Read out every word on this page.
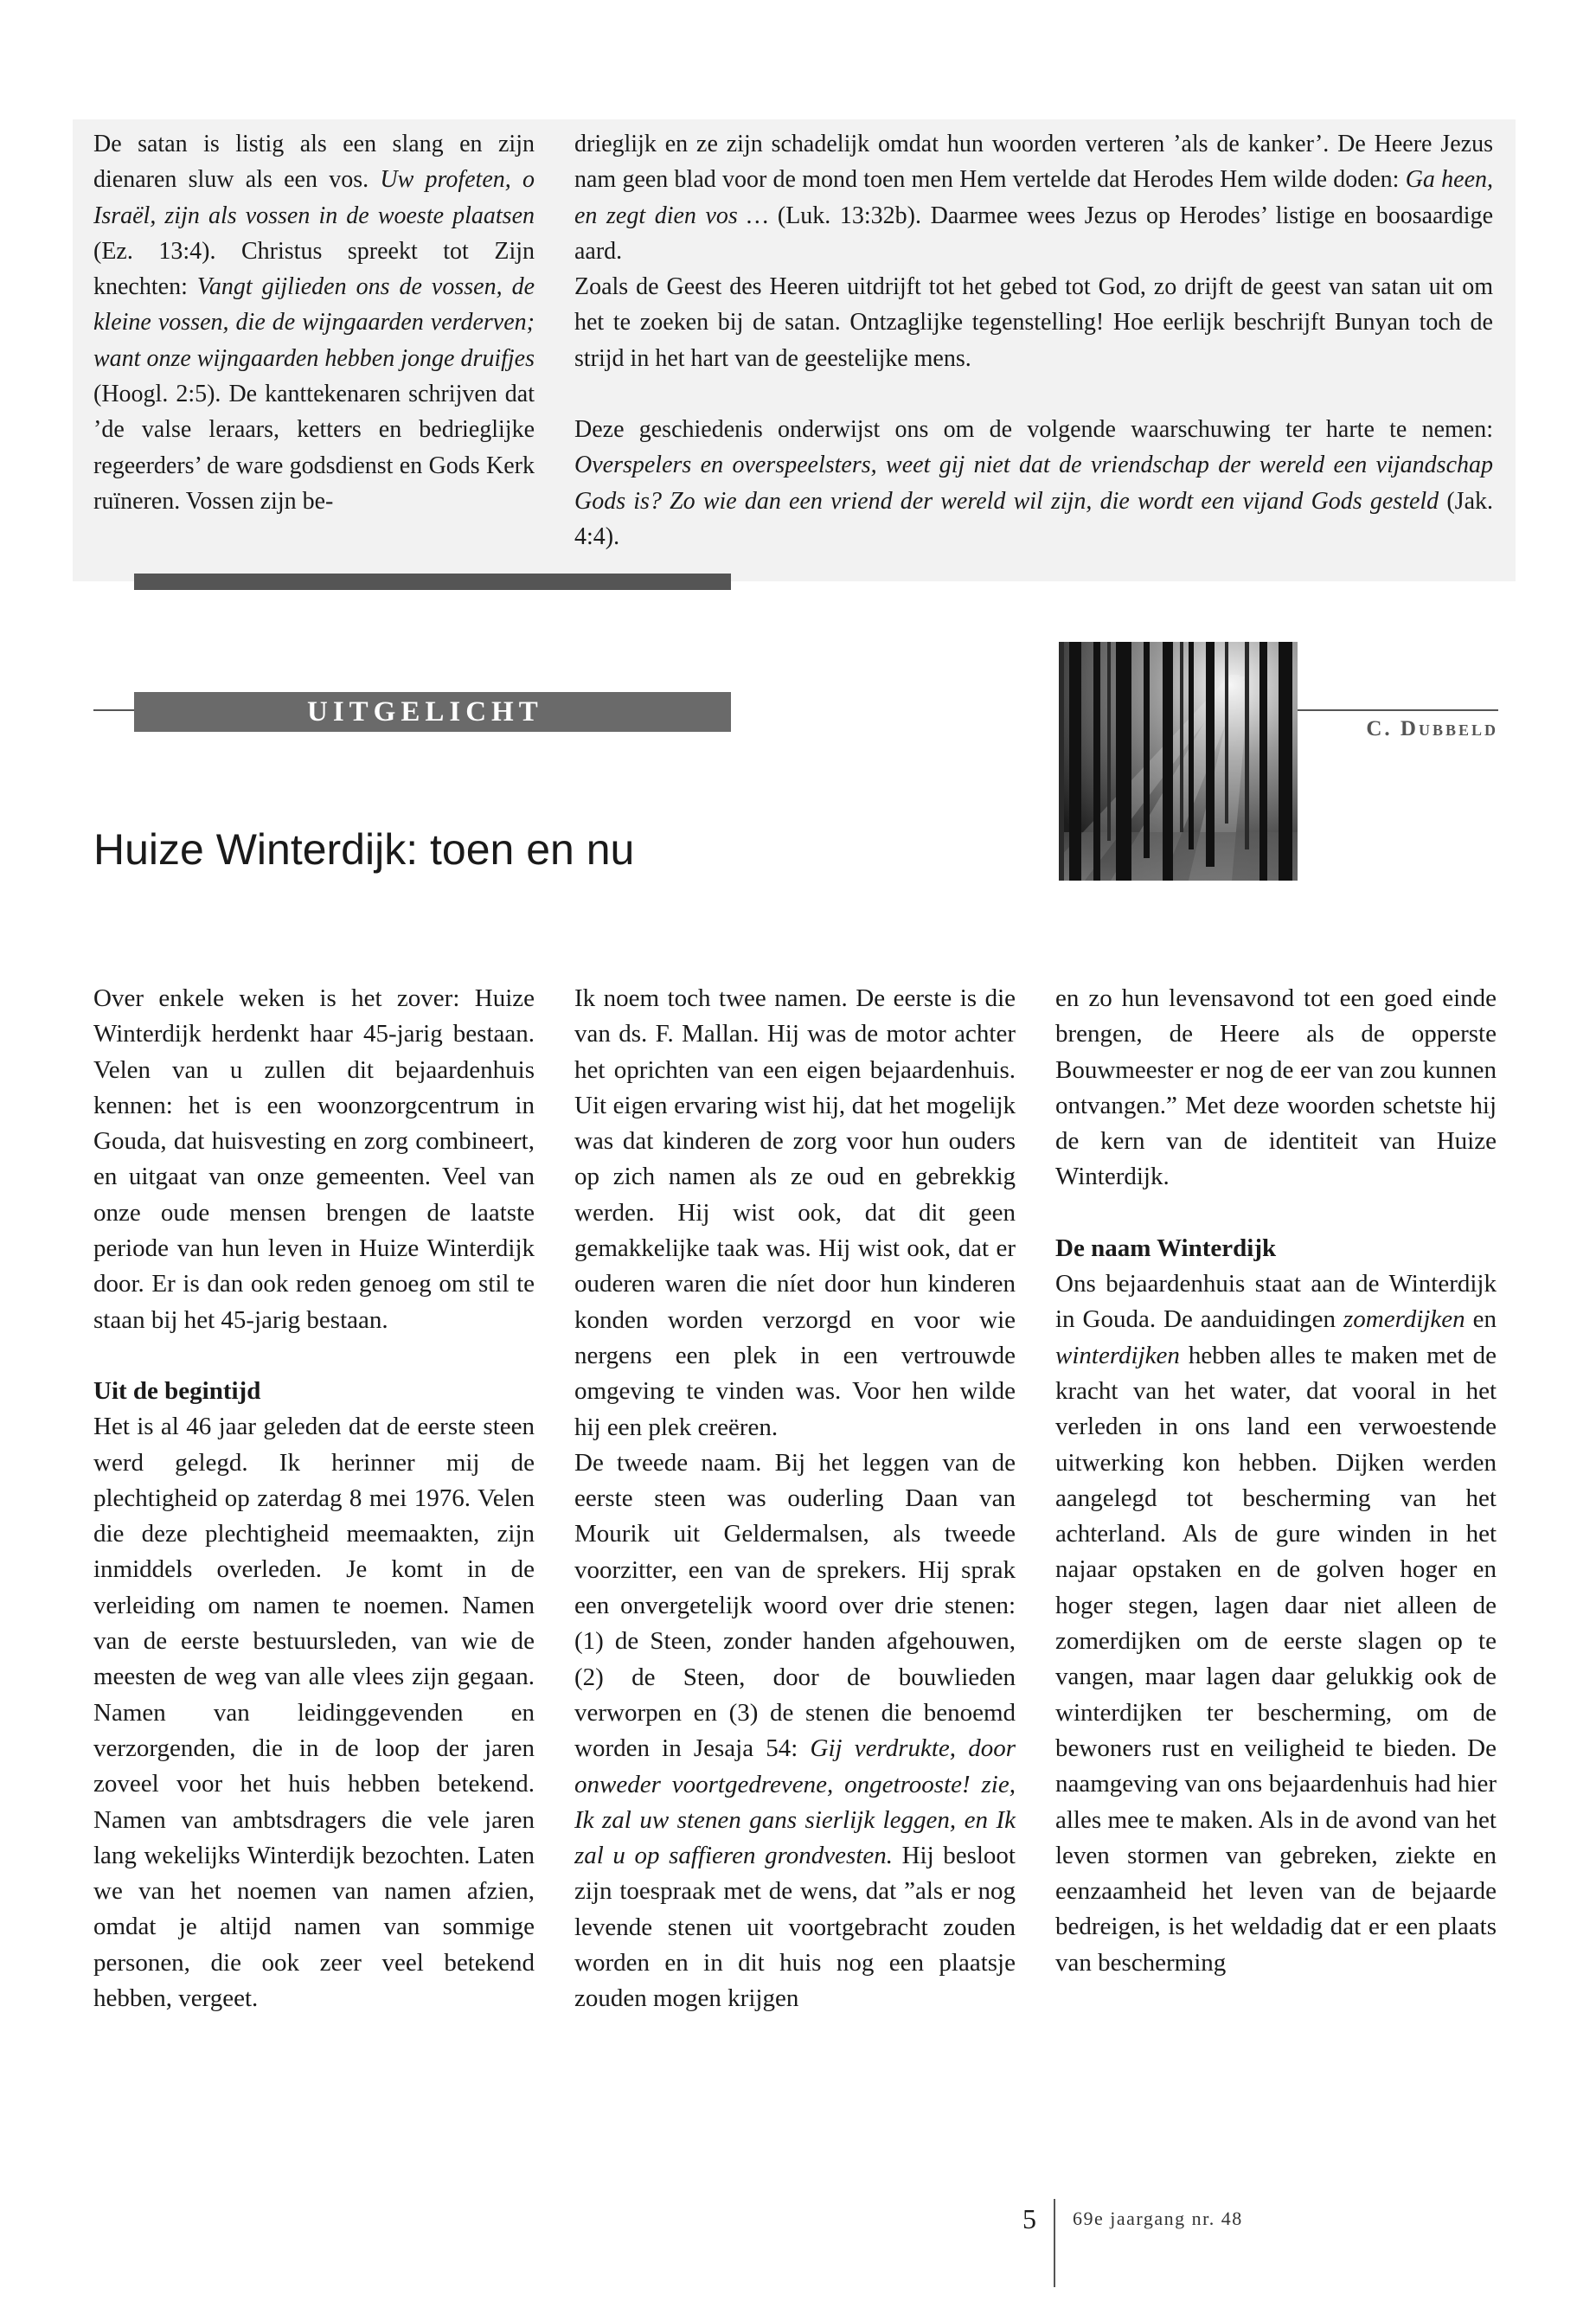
De satan is listig als een slang en zijn dienaren sluw als een vos. Uw profeten, o Israël, zijn als vossen in de woeste plaatsen (Ez. 13:4). Christus spreekt tot Zijn knechten: Vangt gijlieden ons de vossen, de kleine vossen, die de wijngaarden verderven; want onze wijngaarden hebben jonge druifjes (Hoogl. 2:5). De kanttekenaren schrijven dat ’de valse leraars, ketters en bedrieglijke regeerders’ de ware godsdienst en Gods Kerk ruïneren. Vossen zijn be-

drieglijk en ze zijn schadelijk omdat hun woorden verteren ’als de kanker’. De Heere Jezus nam geen blad voor de mond toen men Hem vertelde dat Herodes Hem wilde doden: Ga heen, en zegt dien vos … (Luk. 13:32b). Daarmee wees Jezus op Herodes’ listige en boosaardige aard.

Zoals de Geest des Heeren uitdrijft tot het gebed tot God, zo drijft de geest van satan uit om het te zoeken bij de satan. Ontzaglijke tegenstelling! Hoe eerlijk beschrijft Bunyan toch de strijd in het hart van de geestelijke mens.

Deze geschiedenis onderwijst ons om de volgende waarschuwing ter harte te nemen: Overspelers en overspeelsters, weet gij niet dat de vriendschap der wereld een vijandschap Gods is? Zo wie dan een vriend der wereld wil zijn, die wordt een vijand Gods gesteld (Jak. 4:4).

UITGELICHT
C. Dubbeld
Huize Winterdijk: toen en nu

Over enkele weken is het zover: Huize Winterdijk herdenkt haar 45-jarig bestaan. Velen van u zullen dit bejaardenhuis kennen: het is een woonzorgcentrum in Gouda, dat huisvesting en zorg combineert, en uitgaat van onze gemeenten. Veel van onze oude mensen brengen de laatste periode van hun leven in Huize Winterdijk door. Er is dan ook reden genoeg om stil te staan bij het 45-jarig bestaan.

Uit de begintijd

Het is al 46 jaar geleden dat de eerste steen werd gelegd. Ik herinner mij de plechtigheid op zaterdag 8 mei 1976. Velen die deze plechtigheid meemaakten, zijn inmiddels overleden. Je komt in de verleiding om namen te noemen. Namen van de eerste bestuursleden, van wie de meesten de weg van alle vlees zijn gegaan. Namen van leidinggevenden en verzorgenden, die in de loop der jaren zoveel voor het huis hebben betekend. Namen van ambtsdragers die vele jaren lang wekelijks Winterdijk bezochten. Laten we van het noemen van namen afzien, omdat je altijd namen van sommige personen, die ook zeer veel betekend hebben, vergeet.

Ik noem toch twee namen. De eerste is die van ds. F. Mallan. Hij was de motor achter het oprichten van een eigen bejaardenhuis. Uit eigen ervaring wist hij, dat het mogelijk was dat kinderen de zorg voor hun ouders op zich namen als ze oud en gebrekkig werden. Hij wist ook, dat dit geen gemakkelijke taak was. Hij wist ook, dat er ouderen waren die níet door hun kinderen konden worden verzorgd en voor wie nergens een plek in een vertrouwde omgeving te vinden was. Voor hen wilde hij een plek creëren.

De tweede naam. Bij het leggen van de eerste steen was ouderling Daan van Mourik uit Geldermalsen, als tweede voorzitter, een van de sprekers. Hij sprak een onvergetelijk woord over drie stenen: (1) de Steen, zonder handen afgehouwen, (2) de Steen, door de bouwlieden verworpen en (3) de stenen die benoemd worden in Jesaja 54: Gij verdrukte, door onweder voortgedrevene, ongetrooste! zie, Ik zal uw stenen gans sierlijk leggen, en Ik zal u op saffieren grondvesten. Hij besloot zijn toespraak met de wens, dat ”als er nog levende stenen uit voortgebracht zouden worden en in dit huis nog een plaatsje zouden mogen krijgen

en zo hun levensavond tot een goed einde brengen, de Heere als de opperste Bouwmeester er nog de eer van zou kunnen ontvangen.” Met deze woorden schetste hij de kern van de identiteit van Huize Winterdijk.

De naam Winterdijk

Ons bejaardenhuis staat aan de Winterdijk in Gouda. De aanduidingen zomerdijken en winterdijken hebben alles te maken met de kracht van het water, dat vooral in het verleden in ons land een verwoestende uitwerking kon hebben. Dijken werden aangelegd tot bescherming van het achterland. Als de gure winden in het najaar opstaken en de golven hoger en hoger stegen, lagen daar niet alleen de zomerdijken om de eerste slagen op te vangen, maar lagen daar gelukkig ook de winterdijken ter bescherming, om de bewoners rust en veiligheid te bieden. De naamgeving van ons bejaardenhuis had hier alles mee te maken. Als in de avond van het leven stormen van gebreken, ziekte en eenzaamheid het leven van de bejaarde bedreigen, is het weldadig dat er een plaats van bescherming

5 69e jaargang nr. 48
